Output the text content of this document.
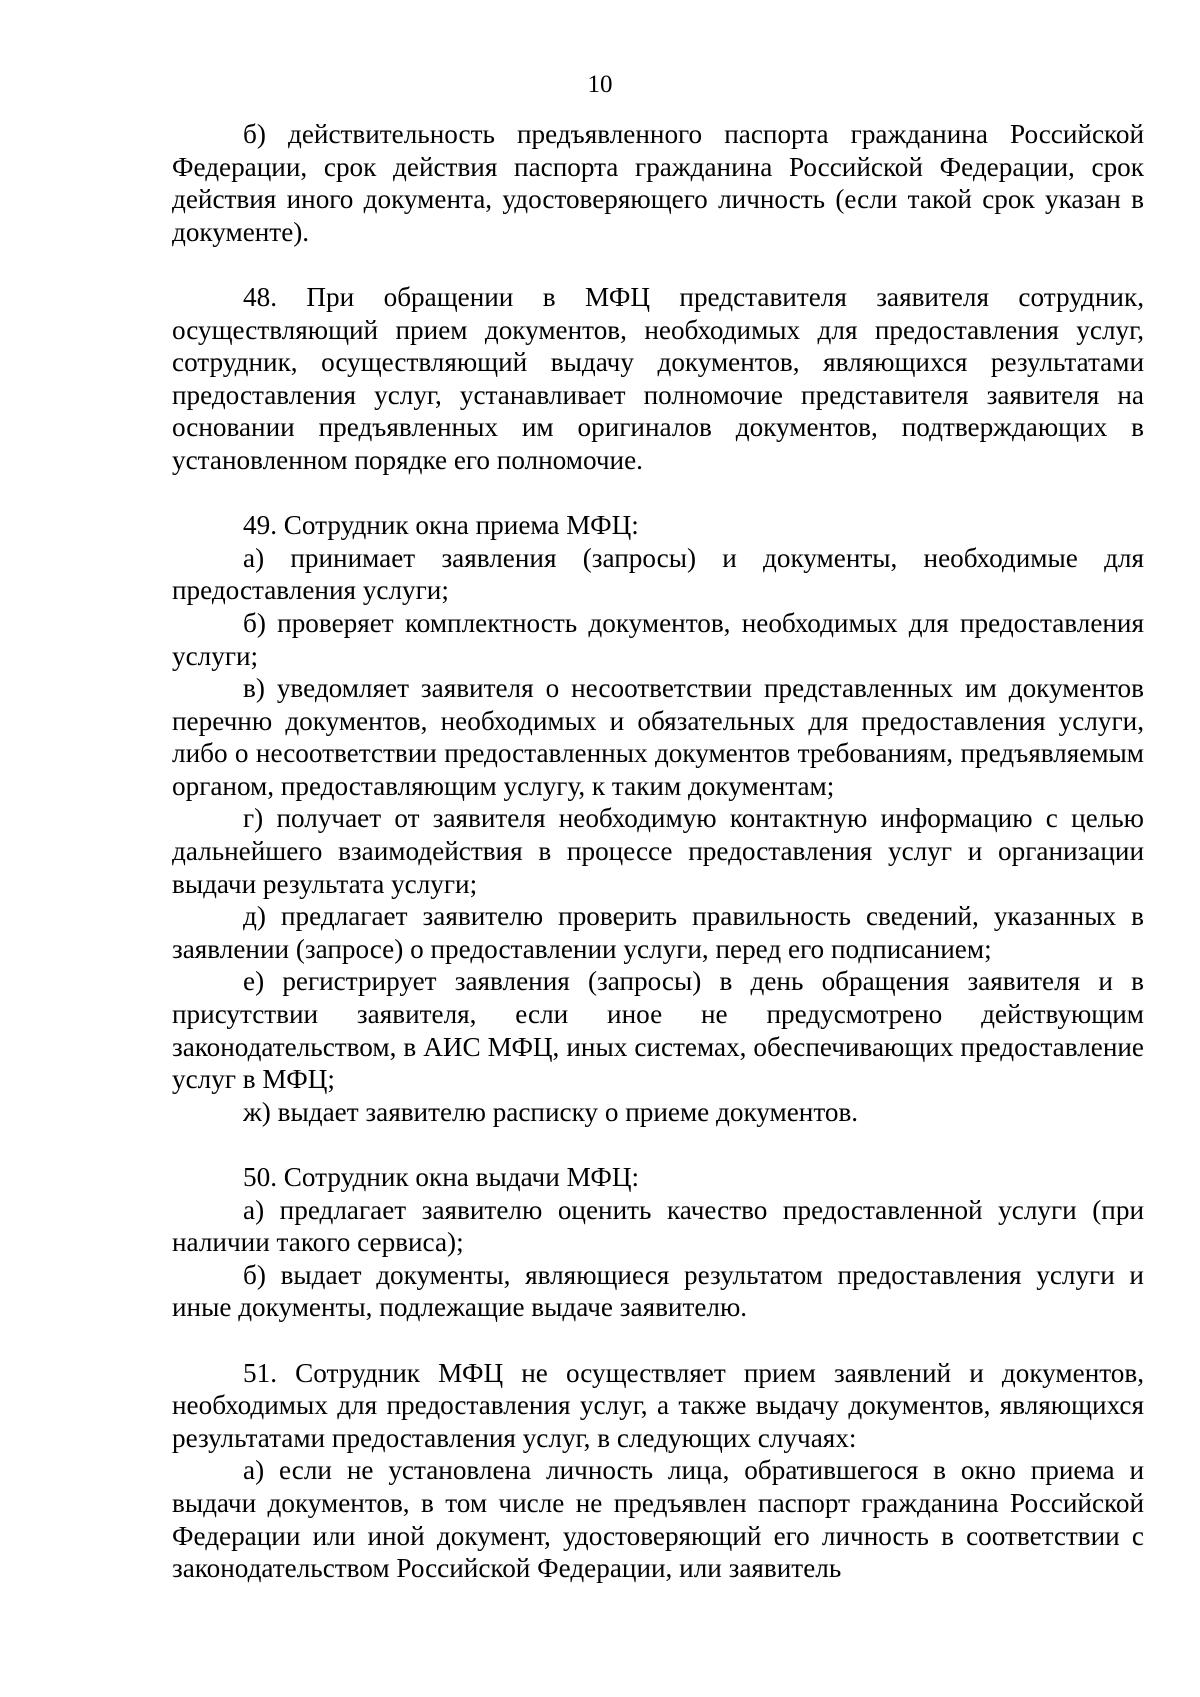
10

б) действительность предъявленного паспорта гражданина Российской Федерации, срок действия паспорта гражданина Российской Федерации, срок действия иного документа, удостоверяющего личность (если такой срок указан в документе).

48. При обращении в МФЦ представителя заявителя сотрудник, осуществляющий прием документов, необходимых для предоставления услуг, сотрудник, осуществляющий выдачу документов, являющихся результатами предоставления услуг, устанавливает полномочие представителя заявителя на основании предъявленных им оригиналов документов, подтверждающих в установленном порядке его полномочие.

49. Сотрудник окна приема МФЦ:

а) принимает заявления (запросы) и документы, необходимые для предоставления услуги;

б) проверяет комплектность документов, необходимых для предоставления услуги;

в) уведомляет заявителя о несоответствии представленных им документов перечню документов, необходимых и обязательных для предоставления услуги, либо о несоответствии предоставленных документов требованиям, предъявляемым органом, предоставляющим услугу, к таким документам;

г) получает от заявителя необходимую контактную информацию с целью дальнейшего взаимодействия в процессе предоставления услуг и организации выдачи результата услуги;

д) предлагает заявителю проверить правильность сведений, указанных в заявлении (запросе) о предоставлении услуги, перед его подписанием;

е) регистрирует заявления (запросы) в день обращения заявителя и в присутствии заявителя, если иное не предусмотрено действующим законодательством, в АИС МФЦ, иных системах, обеспечивающих предоставление услуг в МФЦ;

ж) выдает заявителю расписку о приеме документов.

50. Сотрудник окна выдачи МФЦ:

а) предлагает заявителю оценить качество предоставленной услуги (при наличии такого сервиса);

б) выдает документы, являющиеся результатом предоставления услуги и иные документы, подлежащие выдаче заявителю.

51. Сотрудник МФЦ не осуществляет прием заявлений и документов, необходимых для предоставления услуг, а также выдачу документов, являющихся результатами предоставления услуг, в следующих случаях:

а) если не установлена личность лица, обратившегося в окно приема и выдачи документов, в том числе не предъявлен паспорт гражданина Российской Федерации или иной документ, удостоверяющий его личность в соответствии с законодательством Российской Федерации, или заявитель
